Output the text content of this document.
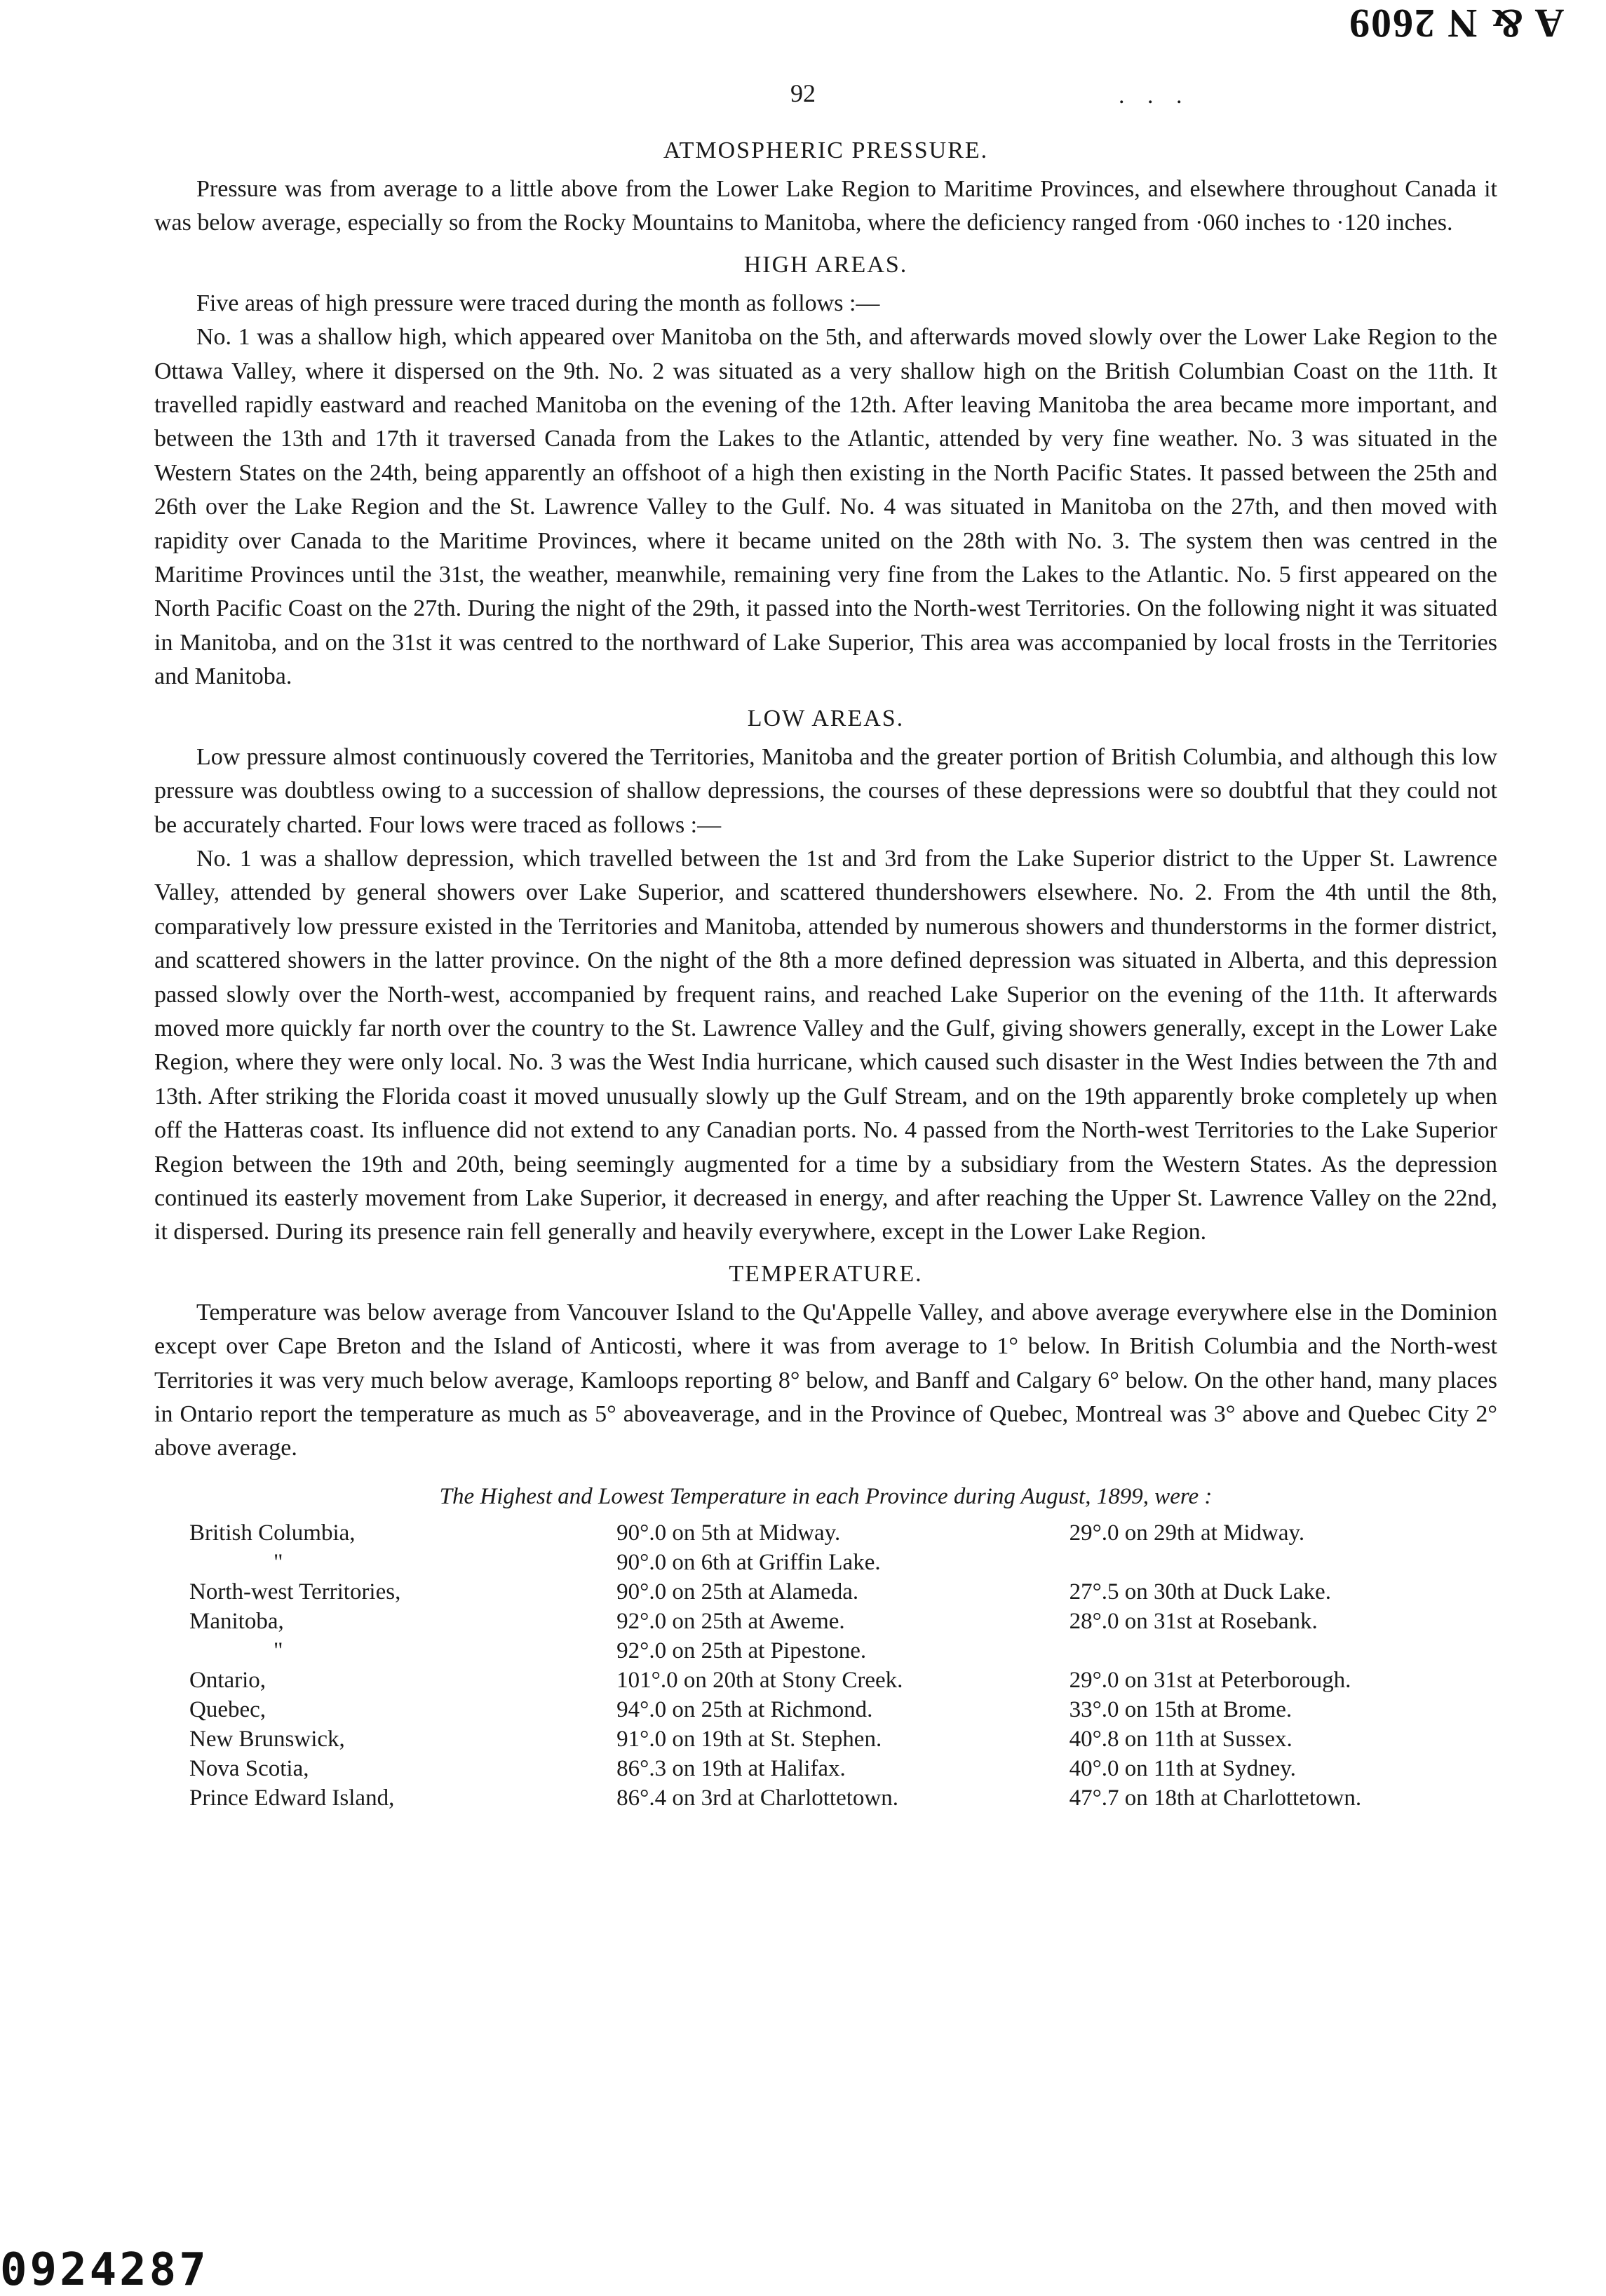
A & N 2609
92	. . .
ATMOSPHERIC PRESSURE.

Pressure was from average to a little above from the Lower Lake Region to Maritime Provinces, and elsewhere throughout Canada it was below average, especially so from the Rocky Mountains to Manitoba, where the deficiency ranged from ·060 inches to ·120 inches.

HIGH AREAS.

Five areas of high pressure were traced during the month as follows :—

No. 1 was a shallow high, which appeared over Manitoba on the 5th, and afterwards moved slowly over the Lower Lake Region to the Ottawa Valley, where it dispersed on the 9th. No. 2 was situated as a very shallow high on the British Columbian Coast on the 11th. It travelled rapidly eastward and reached Manitoba on the evening of the 12th. After leaving Manitoba the area became more important, and between the 13th and 17th it traversed Canada from the Lakes to the Atlantic, attended by very fine weather. No. 3 was situated in the Western States on the 24th, being apparently an offshoot of a high then existing in the North Pacific States. It passed between the 25th and 26th over the Lake Region and the St. Lawrence Valley to the Gulf. No. 4 was situated in Manitoba on the 27th, and then moved with rapidity over Canada to the Maritime Provinces, where it became united on the 28th with No. 3. The system then was centred in the Maritime Provinces until the 31st, the weather, meanwhile, remaining very fine from the Lakes to the Atlantic. No. 5 first appeared on the North Pacific Coast on the 27th. During the night of the 29th, it passed into the North-west Territories. On the following night it was situated in Manitoba, and on the 31st it was centred to the northward of Lake Superior, This area was accompanied by local frosts in the Territories and Manitoba.

LOW AREAS.

Low pressure almost continuously covered the Territories, Manitoba and the greater portion of British Columbia, and although this low pressure was doubtless owing to a succession of shallow depressions, the courses of these depressions were so doubtful that they could not be accurately charted. Four lows were traced as follows :—

No. 1 was a shallow depression, which travelled between the 1st and 3rd from the Lake Superior district to the Upper St. Lawrence Valley, attended by general showers over Lake Superior, and scattered thundershowers elsewhere. No. 2. From the 4th until the 8th, comparatively low pressure existed in the Territories and Manitoba, attended by numerous showers and thunderstorms in the former district, and scattered showers in the latter province. On the night of the 8th a more defined depression was situated in Alberta, and this depression passed slowly over the North-west, accompanied by frequent rains, and reached Lake Superior on the evening of the 11th. It afterwards moved more quickly far north over the country to the St. Lawrence Valley and the Gulf, giving showers generally, except in the Lower Lake Region, where they were only local. No. 3 was the West India hurricane, which caused such disaster in the West Indies between the 7th and 13th. After striking the Florida coast it moved unusually slowly up the Gulf Stream, and on the 19th apparently broke completely up when off the Hatteras coast. Its influence did not extend to any Canadian ports. No. 4 passed from the North-west Territories to the Lake Superior Region between the 19th and 20th, being seemingly augmented for a time by a subsidiary from the Western States. As the depression continued its easterly movement from Lake Superior, it decreased in energy, and after reaching the Upper St. Lawrence Valley on the 22nd, it dispersed. During its presence rain fell generally and heavily everywhere, except in the Lower Lake Region.

TEMPERATURE.

Temperature was below average from Vancouver Island to the Qu'Appelle Valley, and above average everywhere else in the Dominion except over Cape Breton and the Island of Anticosti, where it was from average to 1° below. In British Columbia and the North-west Territories it was very much below average, Kamloops reporting 8° below, and Banff and Calgary 6° below. On the other hand, many places in Ontario report the temperature as much as 5° aboveaverage, and in the Province of Quebec, Montreal was 3° above and Quebec City 2° above average.

The Highest and Lowest Temperature in each Province during August, 1899, were :
British Columbia,	90°.0 on 5th at Midway.	29°.0 on 29th at Midway.
"	90°.0 on 6th at Griffin Lake.	
North-west Territories,	90°.0 on 25th at Alameda.	27°.5 on 30th at Duck Lake.
Manitoba,	92°.0 on 25th at Aweme.	28°.0 on 31st at Rosebank.
"	92°.0 on 25th at Pipestone.	
Ontario,	101°.0 on 20th at Stony Creek.	29°.0 on 31st at Peterborough.
Quebec,	94°.0 on 25th at Richmond.	33°.0 on 15th at Brome.
New Brunswick,	91°.0 on 19th at St. Stephen.	40°.8 on 11th at Sussex.
Nova Scotia,	86°.3 on 19th at Halifax.	40°.0 on 11th at Sydney.
Prince Edward Island,	86°.4 on 3rd at Charlottetown.	47°.7 on 18th at Charlottetown.
0924287
